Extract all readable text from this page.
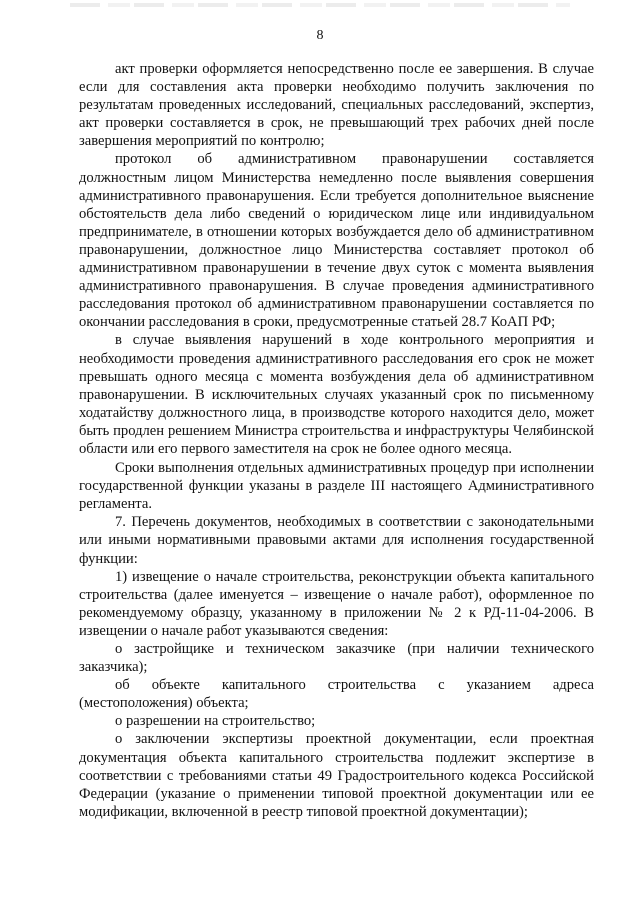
8

акт проверки оформляется непосредственно после ее завершения. В случае если для составления акта проверки необходимо получить заключения по результатам проведенных исследований, специальных расследований, экспертиз, акт проверки составляется в срок, не превышающий трех рабочих дней после завершения мероприятий по контролю;

протокол об административном правонарушении составляется должностным лицом Министерства немедленно после выявления совершения административного правонарушения. Если требуется дополнительное выяснение обстоятельств дела либо сведений о юридическом лице или индивидуальном предпринимателе, в отношении которых возбуждается дело об административном правонарушении, должностное лицо Министерства составляет протокол об административном правонарушении в течение двух суток с момента выявления административного правонарушения. В случае проведения административного расследования протокол об административном правонарушении составляется по окончании расследования в сроки, предусмотренные статьей 28.7 КоАП РФ;

в случае выявления нарушений в ходе контрольного мероприятия и необходимости проведения административного расследования его срок не может превышать одного месяца с момента возбуждения дела об административном правонарушении. В исключительных случаях указанный срок по письменному ходатайству должностного лица, в производстве которого находится дело, может быть продлен решением Министра строительства и инфраструктуры Челябинской области или его первого заместителя на срок не более одного месяца.

Сроки выполнения отдельных административных процедур при исполнении государственной функции указаны в разделе III настоящего Административного регламента.

7. Перечень документов, необходимых в соответствии с законодательными или иными нормативными правовыми актами для исполнения государственной функции:

1) извещение о начале строительства, реконструкции объекта капитального строительства (далее именуется – извещение о начале работ), оформленное по рекомендуемому образцу, указанному в приложении № 2 к РД-11-04-2006. В извещении о начале работ указываются сведения:

о застройщике и техническом заказчике (при наличии технического заказчика);

об объекте капитального строительства с указанием адреса (местоположения) объекта;

о разрешении на строительство;

о заключении экспертизы проектной документации, если проектная документация объекта капитального строительства подлежит экспертизе в соответствии с требованиями статьи 49 Градостроительного кодекса Российской Федерации (указание о применении типовой проектной документации или ее модификации, включенной в реестр типовой проектной документации);
